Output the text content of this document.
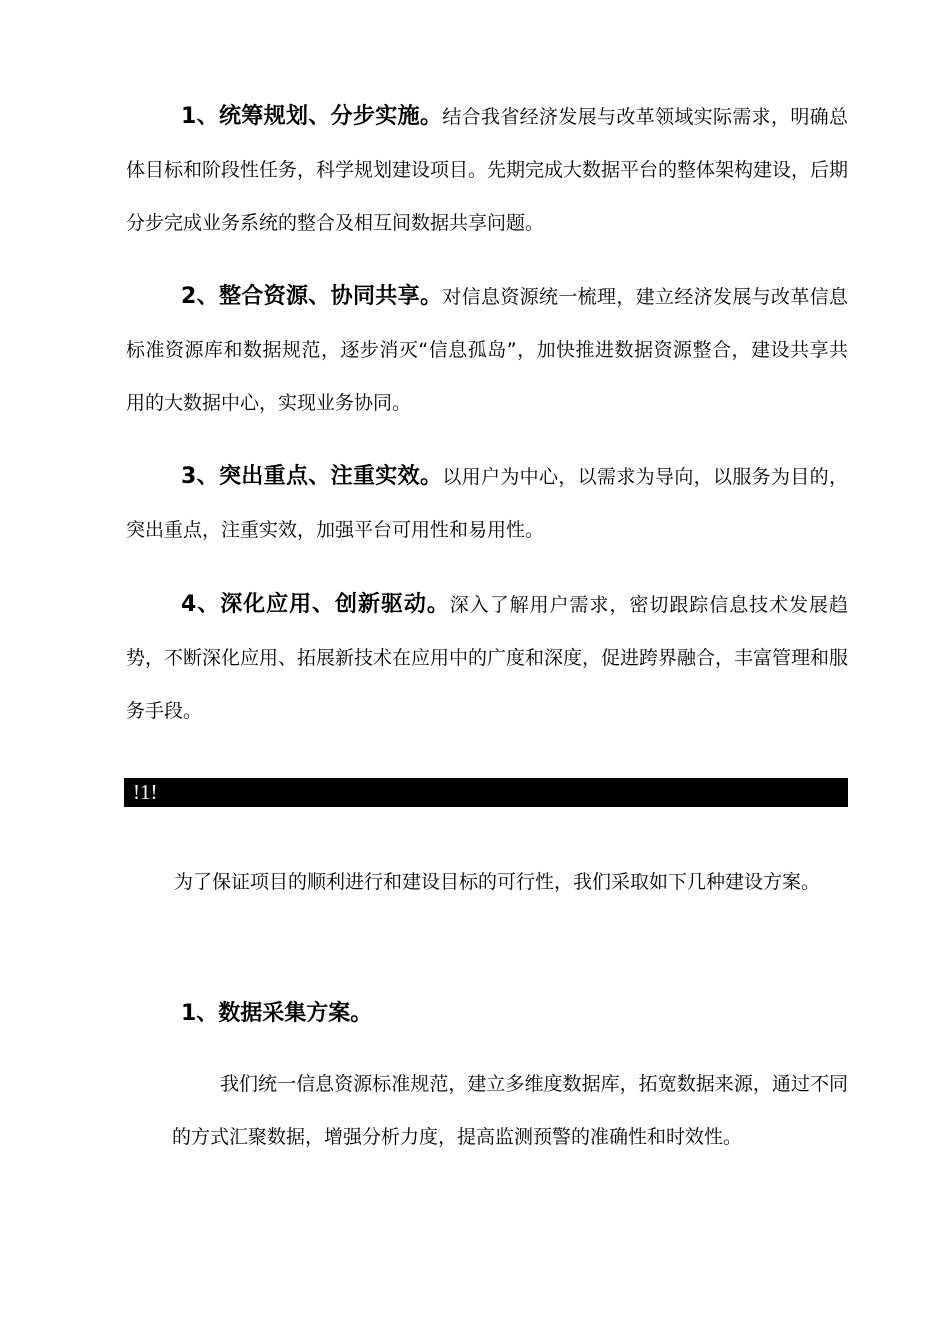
1、统筹规划、分步实施。结合我省经济发展与改革领域实际需求，明确总体目标和阶段性任务，科学规划建设项目。先期完成大数据平台的整体架构建设，后期分步完成业务系统的整合及相互间数据共享问题。

2、整合资源、协同共享。对信息资源统一梳理，建立经济发展与改革信息标准资源库和数据规范，逐步消灭“信息孤岛”，加快推进数据资源整合，建设共享共用的大数据中心，实现业务协同。

3、突出重点、注重实效。以用户为中心，以需求为导向，以服务为目的，突出重点，注重实效，加强平台可用性和易用性。

4、深化应用、创新驱动。深入了解用户需求，密切跟踪信息技术发展趋势，不断深化应用、拓展新技术在应用中的广度和深度，促进跨界融合，丰富管理和服务手段。

!1!

为了保证项目的顺利进行和建设目标的可行性，我们采取如下几种建设方案。

1、数据采集方案。

我们统一信息资源标准规范，建立多维度数据库，拓宽数据来源，通过不同的方式汇聚数据，增强分析力度，提高监测预警的准确性和时效性。
